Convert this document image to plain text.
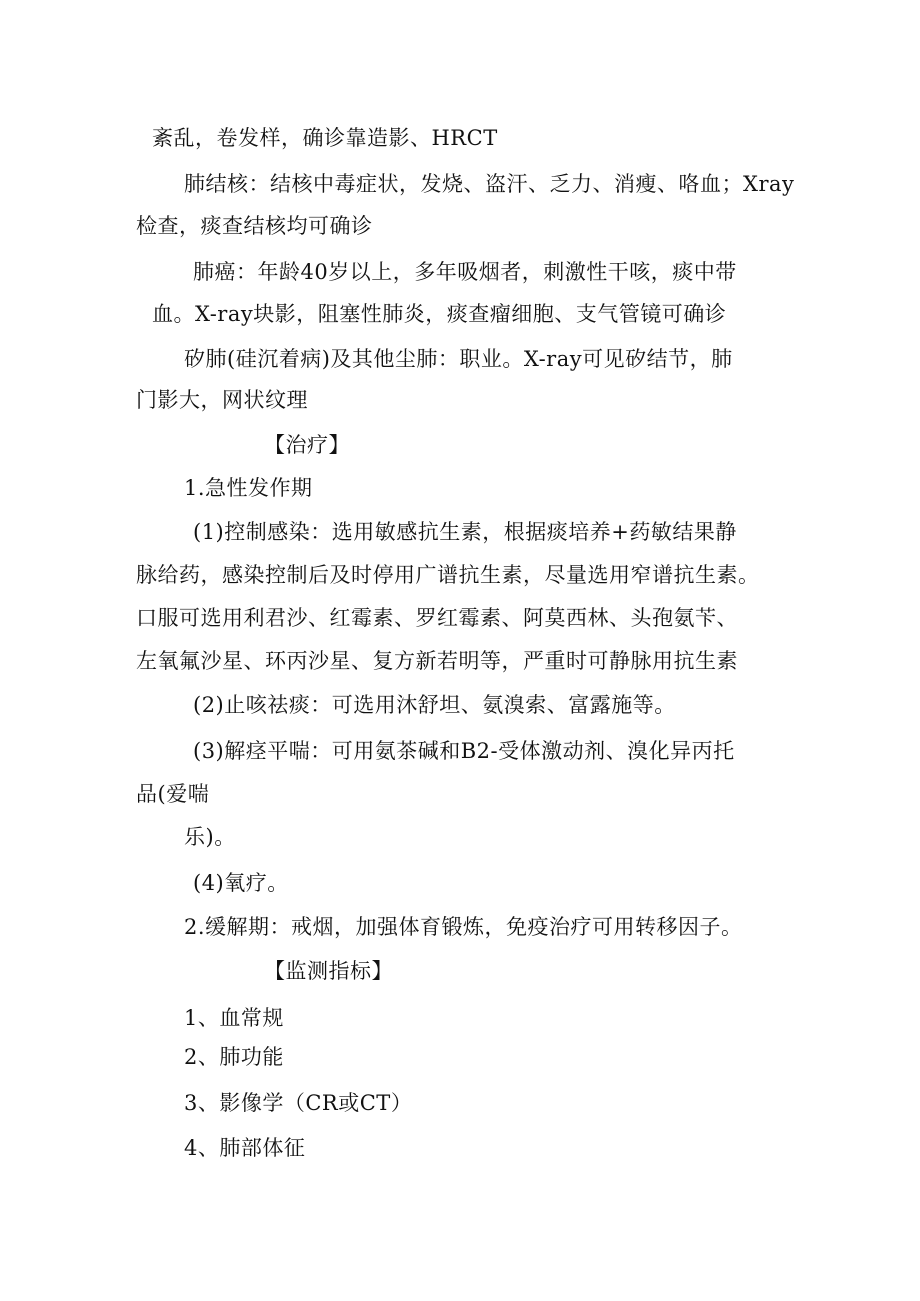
紊乱，卷发样，确诊靠造影、HRCT
肺结核：结核中毒症状，发烧、盗汗、乏力、消瘦、咯血；Xray
检查，痰查结核均可确诊
肺癌：年龄40岁以上，多年吸烟者，刺激性干咳，痰中带
血。X-ray块影，阻塞性肺炎，痰查瘤细胞、支气管镜可确诊
矽肺(硅沉着病)及其他尘肺：职业。X-ray可见矽结节，肺
门影大，网状纹理
【治疗】
1.急性发作期
(1)控制感染：选用敏感抗生素，根据痰培养+药敏结果静
脉给药，感染控制后及时停用广谱抗生素，尽量选用窄谱抗生素。
口服可选用利君沙、红霉素、罗红霉素、阿莫西林、头孢氨苄、
左氧氟沙星、环丙沙星、复方新若明等，严重时可静脉用抗生素
(2)止咳祛痰：可选用沐舒坦、氨溴索、富露施等。
(3)解痉平喘：可用氨茶碱和B2-受体激动剂、溴化异丙托
品(爱喘
乐)。
(4)氧疗。
2.缓解期：戒烟，加强体育锻炼，免疫治疗可用转移因子。
【监测指标】
1、血常规
2、肺功能
3、影像学（CR或CT）
4、肺部体征
